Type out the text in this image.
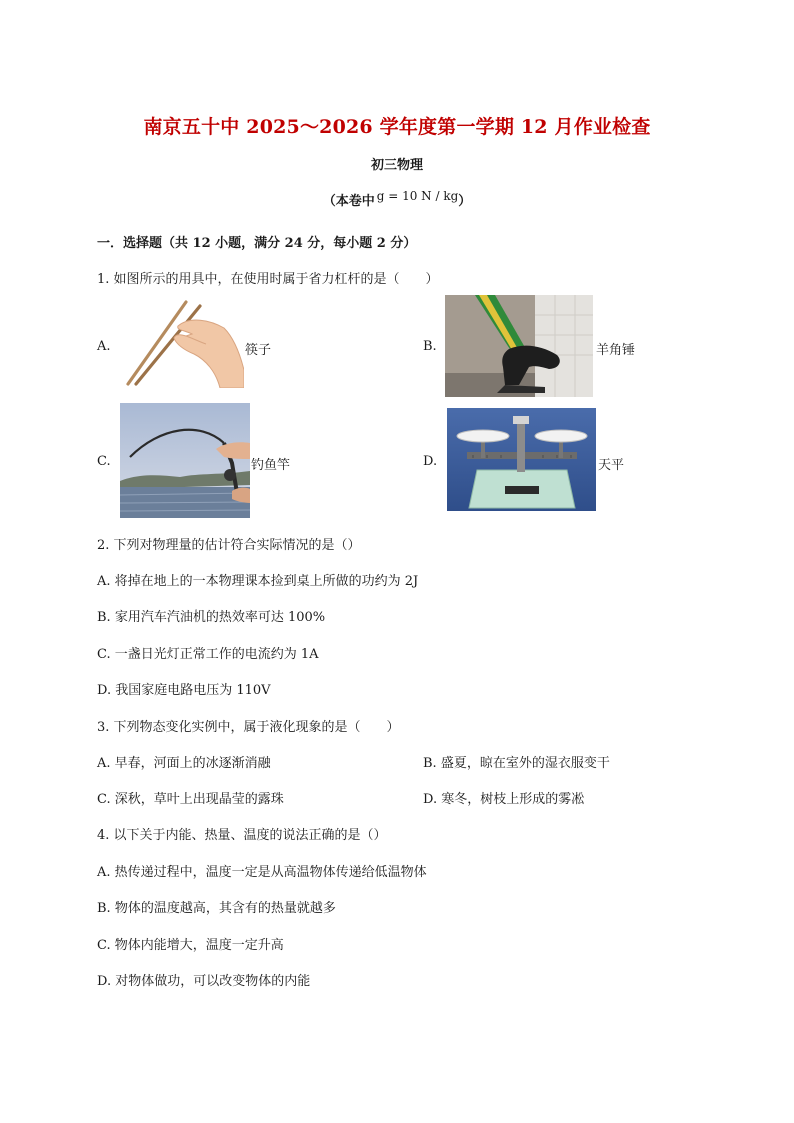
南京五十中 2025～2026 学年度第一学期 12 月作业检查
初三物理
（本卷中 g = 10 N / kg）
一．选择题（共 12 小题，满分 24 分，每小题 2 分）
1. 如图所示的用具中，在使用时属于省力杠杆的是（　　）
A.	筷子	B.	羊角锤
C.	钓鱼竿	D.	天平
2. 下列对物理量的估计符合实际情况的是（）
A. 将掉在地上的一本物理课本捡到桌上所做的功约为 2J
B. 家用汽车汽油机的热效率可达 100%
C. 一盏日光灯正常工作的电流约为 1A
D. 我国家庭电路电压为 110V
3. 下列物态变化实例中，属于液化现象的是（　　）
A. 早春，河面上的冰逐渐消融	B. 盛夏，晾在室外的湿衣服变干
C. 深秋，草叶上出现晶莹的露珠	D. 寒冬，树枝上形成的雾凇
4. 以下关于内能、热量、温度的说法正确的是（）
A. 热传递过程中，温度一定是从高温物体传递给低温物体
B. 物体的温度越高，其含有的热量就越多
C. 物体内能增大，温度一定升高
D. 对物体做功，可以改变物体的内能
